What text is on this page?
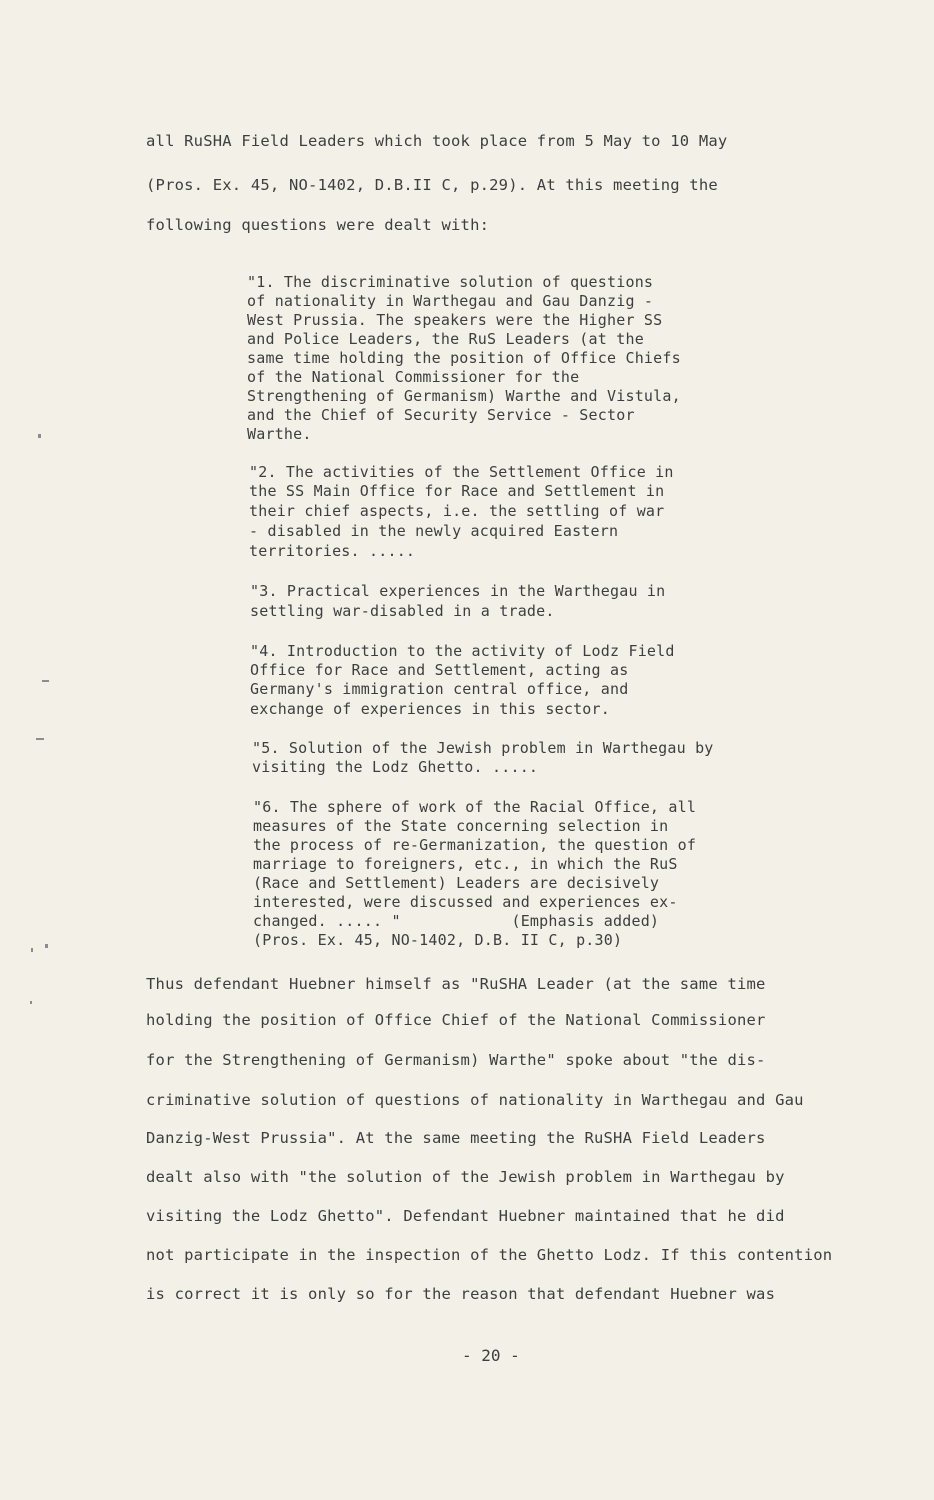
all RuSHA Field Leaders which took place from 5 May to 10 May
(Pros. Ex. 45, NO-1402, D.B.II C, p.29). At this meeting the
following questions were dealt with:
"1. The discriminative solution of questions
of nationality in Warthegau and Gau Danzig -
West Prussia. The speakers were the Higher SS
and Police Leaders, the RuS Leaders (at the
same time holding the position of Office Chiefs
of the National Commissioner for the
Strengthening of Germanism) Warthe and Vistula,
and the Chief of Security Service - Sector
Warthe.
"2. The activities of the Settlement Office in
the SS Main Office for Race and Settlement in
their chief aspects, i.e. the settling of war
- disabled in the newly acquired Eastern
territories. .....
"3. Practical experiences in the Warthegau in
settling war-disabled in a trade.
"4. Introduction to the activity of Lodz Field
Office for Race and Settlement, acting as
Germany's immigration central office, and
exchange of experiences in this sector.
"5. Solution of the Jewish problem in Warthegau by
visiting the Lodz Ghetto. .....
"6. The sphere of work of the Racial Office, all
measures of the State concerning selection in
the process of re-Germanization, the question of
marriage to foreigners, etc., in which the RuS
(Race and Settlement) Leaders are decisively
interested, were discussed and experiences ex-
changed. ..... "            (Emphasis added)
(Pros. Ex. 45, NO-1402, D.B. II C, p.30)
Thus defendant Huebner himself as "RuSHA Leader (at the same time
holding the position of Office Chief of the National Commissioner
for the Strengthening of Germanism) Warthe" spoke about "the dis-
criminative solution of questions of nationality in Warthegau and Gau
Danzig-West Prussia". At the same meeting the RuSHA Field Leaders
dealt also with "the solution of the Jewish problem in Warthegau by
visiting the Lodz Ghetto". Defendant Huebner maintained that he did
not participate in the inspection of the Ghetto Lodz. If this contention
is correct it is only so for the reason that defendant Huebner was
- 20 -
